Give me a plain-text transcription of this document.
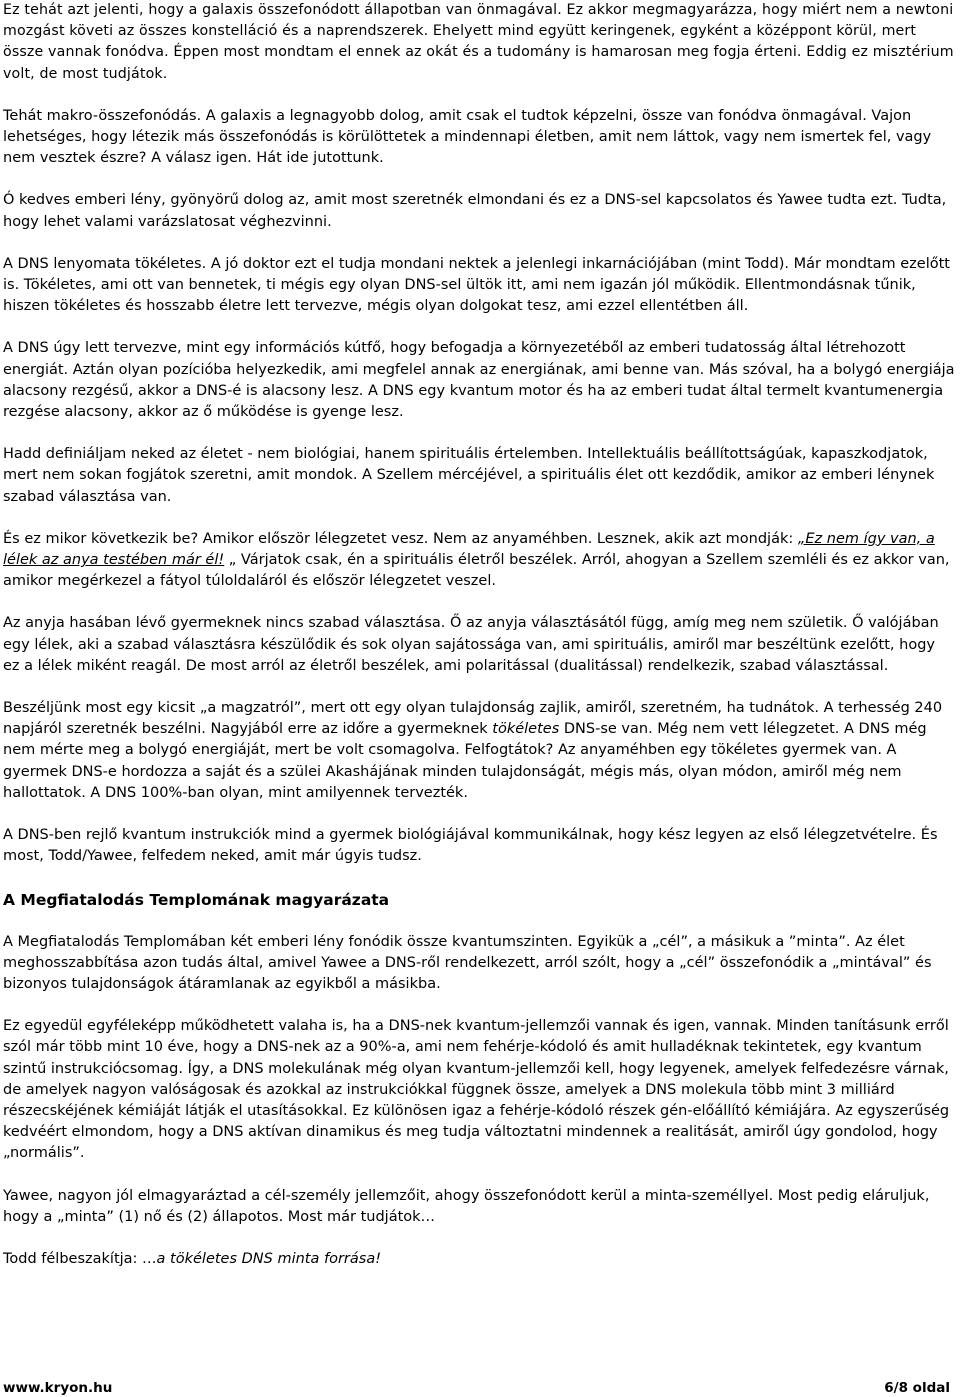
Ez tehát azt jelenti, hogy a galaxis összefonódott állapotban van önmagával. Ez akkor megmagyarázza, hogy miért nem a newtoni mozgást követi az összes konstelláció és a naprendszerek. Ehelyett mind együtt keringenek, egyként a középpont körül, mert össze vannak fonódva. Éppen most mondtam el ennek az okát és a tudomány is hamarosan meg fogja érteni. Eddig ez misztérium volt, de most tudjátok.

Tehát makro-összefonódás. A galaxis a legnagyobb dolog, amit csak el tudtok képzelni, össze van fonódva önmagával. Vajon lehetséges, hogy létezik más összefonódás is körülöttetek a mindennapi életben, amit nem láttok, vagy nem ismertek fel, vagy nem vesztek észre? A válasz igen. Hát ide jutottunk.

Ó kedves emberi lény, gyönyörű dolog az, amit most szeretnék elmondani és ez a DNS-sel kapcsolatos és Yawee tudta ezt. Tudta, hogy lehet valami varázslatosat véghezvinni.

A DNS lenyomata tökéletes. A jó doktor ezt el tudja mondani nektek a jelenlegi inkarnációjában (mint Todd). Már mondtam ezelőtt is. Tökéletes, ami ott van bennetek, ti mégis egy olyan DNS-sel ültök itt, ami nem igazán jól működik. Ellentmondásnak tűnik, hiszen tökéletes és hosszabb életre lett tervezve, mégis olyan dolgokat tesz, ami ezzel ellentétben áll.

A DNS úgy lett tervezve, mint egy információs kútfő, hogy befogadja a környezetéből az emberi tudatosság által létrehozott energiát. Aztán olyan pozícióba helyezkedik, ami megfelel annak az energiának, ami benne van. Más szóval, ha a bolygó energiája alacsony rezgésű, akkor a DNS-é is alacsony lesz. A DNS egy kvantum motor és ha az emberi tudat által termelt kvantumenergia rezgése alacsony, akkor az ő működése is gyenge lesz.

Hadd definiáljam neked az életet - nem biológiai, hanem spirituális értelemben. Intellektuális beállítottságúak, kapaszkodjatok, mert nem sokan fogjátok szeretni, amit mondok. A Szellem mércéjével, a spirituális élet ott kezdődik, amikor az emberi lénynek szabad választása van.

És ez mikor következik be? Amikor először lélegzetet vesz. Nem az anyaméhben. Lesznek, akik azt mondják: „Ez nem így van, a lélek az anya testében már él! „ Várjatok csak, én a spirituális életről beszélek. Arról, ahogyan a Szellem szemléli és ez akkor van, amikor megérkezel a fátyol túloldaláról és először lélegzetet veszel.

Az anyja hasában lévő gyermeknek nincs szabad választása. Ő az anyja választásától függ, amíg meg nem születik. Ő valójában egy lélek, aki a szabad választásra készülődik és sok olyan sajátossága van, ami spirituális, amiről mar beszéltünk ezelőtt, hogy ez a lélek miként reagál. De most arról az életről beszélek, ami polaritással (dualitással) rendelkezik, szabad választással.

Beszéljünk most egy kicsit „a magzatról”, mert ott egy olyan tulajdonság zajlik, amiről, szeretném, ha tudnátok. A terhesség 240 napjáról szeretnék beszélni. Nagyjából erre az időre a gyermeknek tökéletes DNS-se van. Még nem vett lélegzetet. A DNS még nem mérte meg a bolygó energiáját, mert be volt csomagolva. Felfogtátok? Az anyaméhben egy tökéletes gyermek van. A gyermek DNS-e hordozza a saját és a szülei Akashájának minden tulajdonságát, mégis más, olyan módon, amiről még nem hallottatok. A DNS 100%-ban olyan, mint amilyennek tervezték.

A DNS-ben rejlő kvantum instrukciók mind a gyermek biológiájával kommunikálnak, hogy kész legyen az első lélegzetvételre. És most, Todd/Yawee, felfedem neked, amit már úgyis tudsz.

A Megfiatalodás Templomának magyarázata

A Megfiatalodás Templomában két emberi lény fonódik össze kvantumszinten. Egyikük a „cél”, a másikuk a ”minta”. Az élet meghosszabbítása azon tudás által, amivel Yawee a DNS-ről rendelkezett, arról szólt, hogy a „cél” összefonódik a „mintával” és bizonyos tulajdonságok átáramlanak az egyikből a másikba.

Ez egyedül egyféleképp működhetett valaha is, ha a DNS-nek kvantum-jellemzői vannak és igen, vannak. Minden tanításunk erről szól már több mint 10 éve, hogy a DNS-nek az a 90%-a, ami nem fehérje-kódoló és amit hulladéknak tekintetek, egy kvantum szintű instrukciócsomag. Így, a DNS molekulának még olyan kvantum-jellemzői kell, hogy legyenek, amelyek felfedezésre várnak, de amelyek nagyon valóságosak és azokkal az instrukciókkal függnek össze, amelyek a DNS molekula több mint 3 milliárd részecskéjének kémiáját látják el utasításokkal. Ez különösen igaz a fehérje-kódoló részek gén-előállító kémiájára. Az egyszerűség kedvéért elmondom, hogy a DNS aktívan dinamikus és meg tudja változtatni mindennek a realitását, amiről úgy gondolod, hogy „normális”.

Yawee, nagyon jól elmagyaráztad a cél-személy jellemzőit, ahogy összefonódott kerül a minta-személlyel. Most pedig eláruljuk, hogy a „minta” (1) nő és (2) állapotos. Most már tudjátok…

Todd félbeszakítja: …a tökéletes DNS minta forrása!

www.kryon.hu	6/8 oldal
